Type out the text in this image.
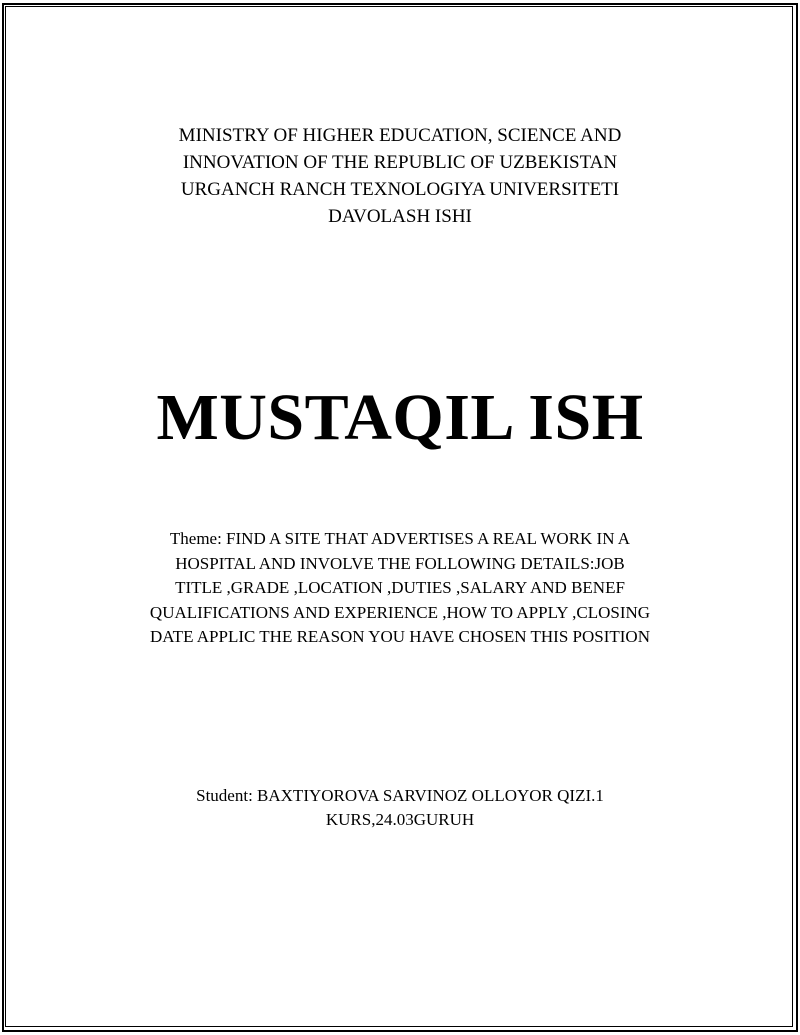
MINISTRY OF HIGHER EDUCATION, SCIENCE AND
INNOVATION OF THE REPUBLIC OF UZBEKISTAN
URGANCH RANCH TEXNOLOGIYA UNIVERSITETI
DAVOLASH ISHI
MUSTAQIL ISH
Theme: FIND A SITE THAT ADVERTISES A REAL WORK IN A
HOSPITAL AND INVOLVE THE FOLLOWING DETAILS:JOB
TITLE ,GRADE ,LOCATION ,DUTIES ,SALARY AND BENEF
QUALIFICATIONS AND EXPERIENCE ,HOW TO APPLY ,CLOSING
DATE APPLIC THE REASON YOU HAVE CHOSEN THIS POSITION
Student: BAXTIYOROVA SARVINOZ OLLOYOR QIZI.1
KURS,24.03GURUH
